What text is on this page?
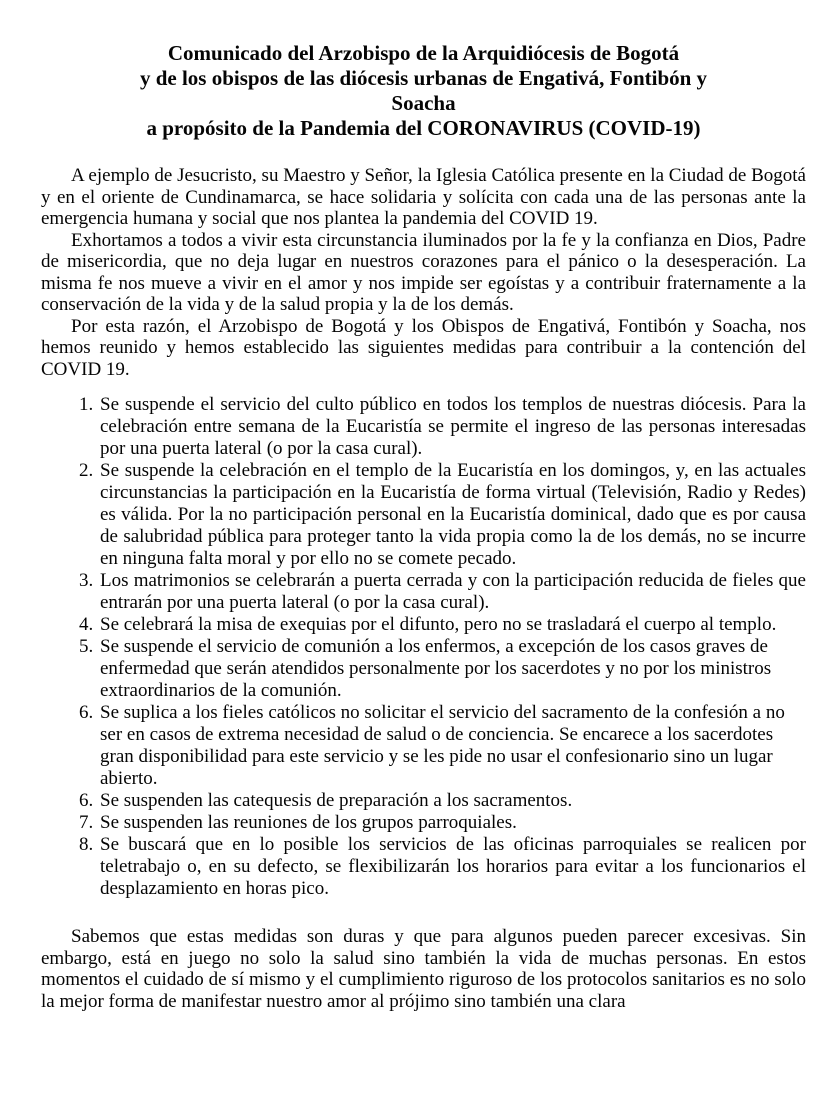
Comunicado del Arzobispo de la Arquidiócesis de Bogotá
y de los obispos de las diócesis urbanas de Engativá, Fontibón y
Soacha
a propósito de la Pandemia del CORONAVIRUS (COVID-19)

A ejemplo de Jesucristo, su Maestro y Señor, la Iglesia Católica presente en la Ciudad de Bogotá y en el oriente de Cundinamarca, se hace solidaria y solícita con cada una de las personas ante la emergencia humana y social que nos plantea la pandemia del COVID 19.

Exhortamos a todos a vivir esta circunstancia iluminados por la fe y la confianza en Dios, Padre de misericordia, que no deja lugar en nuestros corazones para el pánico o la desesperación. La misma fe nos mueve a vivir en el amor y nos impide ser egoístas y a contribuir fraternamente a la conservación de la vida y de la salud propia y la de los demás.

Por esta razón, el Arzobispo de Bogotá y los Obispos de Engativá, Fontibón y Soacha, nos hemos reunido y hemos establecido las siguientes medidas para contribuir a la contención del COVID 19.

1. Se suspende el servicio del culto público en todos los templos de nuestras diócesis. Para la celebración entre semana de la Eucaristía se permite el ingreso de las personas interesadas por una puerta lateral (o por la casa cural).
2. Se suspende la celebración en el templo de la Eucaristía en los domingos, y, en las actuales circunstancias la participación en la Eucaristía de forma virtual (Televisión, Radio y Redes) es válida. Por la no participación personal en la Eucaristía dominical, dado que es por causa de salubridad pública para proteger tanto la vida propia como la de los demás, no se incurre en ninguna falta moral y por ello no se comete pecado.
3. Los matrimonios se celebrarán a puerta cerrada y con la participación reducida de fieles que entrarán por una puerta lateral (o por la casa cural).
4. Se celebrará la misa de exequias por el difunto, pero no se trasladará el cuerpo al templo.
5. Se suspende el servicio de comunión a los enfermos, a excepción de los casos graves de enfermedad que serán atendidos personalmente por los sacerdotes y no por los ministros extraordinarios de la comunión.
6. Se suplica a los fieles católicos no solicitar el servicio del sacramento de la confesión a no ser en casos de extrema necesidad de salud o de conciencia. Se encarece a los sacerdotes gran disponibilidad para este servicio y se les pide no usar el confesionario sino un lugar abierto.
6. Se suspenden las catequesis de preparación a los sacramentos.
7. Se suspenden las reuniones de los grupos parroquiales.
8. Se buscará que en lo posible los servicios de las oficinas parroquiales se realicen por teletrabajo o, en su defecto, se flexibilizarán los horarios para evitar a los funcionarios el desplazamiento en horas pico.

Sabemos que estas medidas son duras y que para algunos pueden parecer excesivas. Sin embargo, está en juego no solo la salud sino también la vida de muchas personas. En estos momentos el cuidado de sí mismo y el cumplimiento riguroso de los protocolos sanitarios es no solo la mejor forma de manifestar nuestro amor al prójimo sino también una clara
